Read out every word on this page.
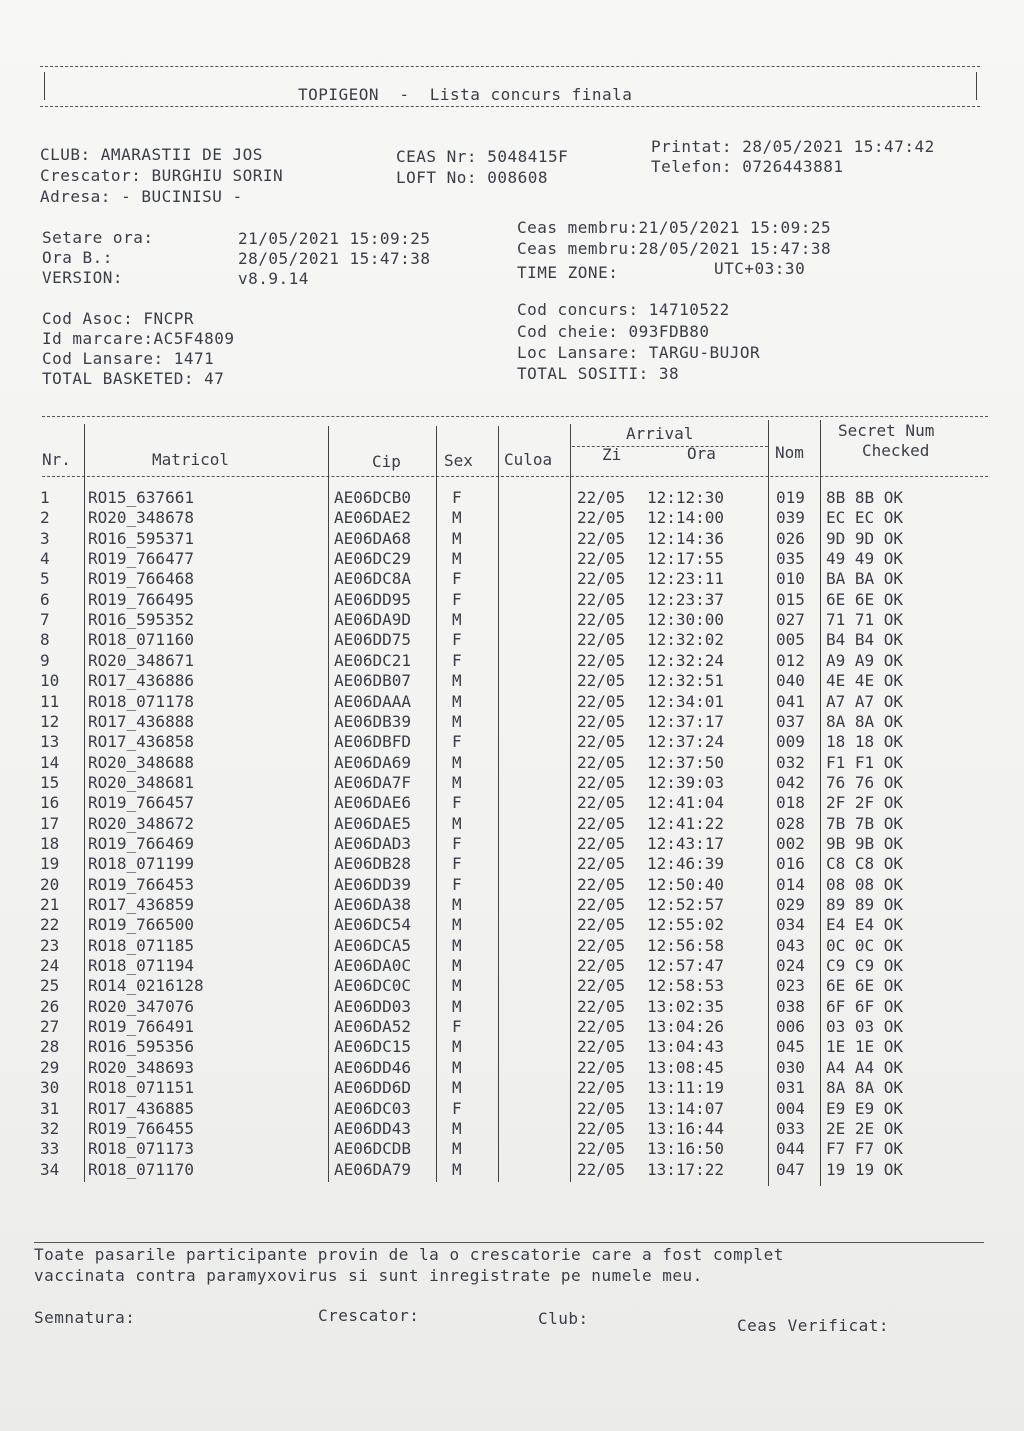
TOPIGEON - Lista concurs finala
CLUB: AMARASTII DE JOS
Crescator: BURGHIU SORIN
Adresa: - BUCINISU -
CEAS Nr: 5048415F
LOFT No: 008608
Printat: 28/05/2021 15:47:42
Telefon: 0726443881
Setare ora:	21/05/2021 15:09:25
Ora B.:	28/05/2021 15:47:38
VERSION:	v8.9.14
Ceas membru:21/05/2021 15:09:25
Ceas membru:28/05/2021 15:47:38
TIME ZONE:	UTC+03:30
Cod Asoc: FNCPR
Id marcare:AC5F4809
Cod Lansare: 1471
TOTAL BASKETED: 47
Cod concurs: 14710522
Cod cheie: 093FDB80
Loc Lansare: TARGU-BUJOR
TOTAL SOSITI: 38
Nr.	Matricol	Cip	Sex Culoa
Arrival
Zi	Ora	Nom
Secret Num
Checked
1	RO15_637661	AE06DCB0	F	22/05 12:12:30	019 8B 8B OK
2	RO20_348678	AE06DAE2	M	22/05 12:14:00	039 EC EC OK
3	RO16_595371	AE06DA68	M	22/05 12:14:36	026 9D 9D OK
4	RO19_766477	AE06DC29	M	22/05 12:17:55	035 49 49 OK
5	RO19_766468	AE06DC8A	F	22/05 12:23:11	010 BA BA OK
6	RO19_766495	AE06DD95	F	22/05 12:23:37	015 6E 6E OK
7	RO16_595352	AE06DA9D	M	22/05 12:30:00	027 71 71 OK
8	RO18_071160	AE06DD75	F	22/05 12:32:02	005 B4 B4 OK
9	RO20_348671	AE06DC21	F	22/05 12:32:24	012 A9 A9 OK
10	RO17_436886	AE06DB07	M	22/05 12:32:51	040 4E 4E OK
11	RO18_071178	AE06DAAA	M	22/05 12:34:01	041 A7 A7 OK
12	RO17_436888	AE06DB39	M	22/05 12:37:17	037 8A 8A OK
13	RO17_436858	AE06DBFD	F	22/05 12:37:24	009 18 18 OK
14	RO20_348688	AE06DA69	M	22/05 12:37:50	032 F1 F1 OK
15	RO20_348681	AE06DA7F	M	22/05 12:39:03	042 76 76 OK
16	RO19_766457	AE06DAE6	F	22/05 12:41:04	018 2F 2F OK
17	RO20_348672	AE06DAE5	M	22/05 12:41:22	028 7B 7B OK
18	RO19_766469	AE06DAD3	F	22/05 12:43:17	002 9B 9B OK
19	RO18_071199	AE06DB28	F	22/05 12:46:39	016 C8 C8 OK
20	RO19_766453	AE06DD39	F	22/05 12:50:40	014 08 08 OK
21	RO17_436859	AE06DA38	M	22/05 12:52:57	029 89 89 OK
22	RO19_766500	AE06DC54	M	22/05 12:55:02	034 E4 E4 OK
23	RO18_071185	AE06DCA5	M	22/05 12:56:58	043 0C 0C OK
24	RO18_071194	AE06DA0C	M	22/05 12:57:47	024 C9 C9 OK
25	RO14_0216128	AE06DC0C	M	22/05 12:58:53	023 6E 6E OK
26	RO20_347076	AE06DD03	M	22/05 13:02:35	038 6F 6F OK
27	RO19_766491	AE06DA52	F	22/05 13:04:26	006 03 03 OK
28	RO16_595356	AE06DC15	M	22/05 13:04:43	045 1E 1E OK
29	RO20_348693	AE06DD46	M	22/05 13:08:45	030 A4 A4 OK
30	RO18_071151	AE06DD6D	M	22/05 13:11:19	031 8A 8A OK
31	RO17_436885	AE06DC03	F	22/05 13:14:07	004 E9 E9 OK
32	RO19_766455	AE06DD43	M	22/05 13:16:44	033 2E 2E OK
33	RO18_071173	AE06DCDB	M	22/05 13:16:50	044 F7 F7 OK
34	RO18_071170	AE06DA79	M	22/05 13:17:22	047 19 19 OK
Toate pasarile participante provin de la o crescatorie care a fost complet
vaccinata contra paramyxovirus si sunt inregistrate pe numele meu.
Semnatura:	Crescator:	Club:	Ceas Verificat:
